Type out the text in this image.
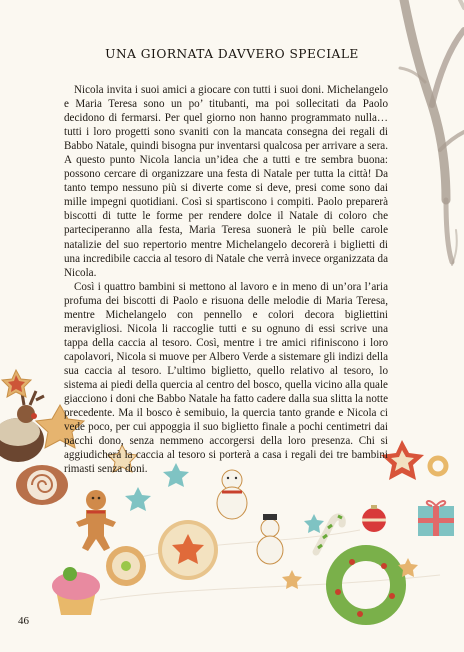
UNA GIORNATA DAVVERO SPECIALE

Nicola invita i suoi amici a giocare con tutti i suoi doni. Michelangelo e Maria Teresa sono un po’ titubanti, ma poi sollecitati da Paolo decidono di fermarsi. Per quel giorno non hanno programmato nulla… tutti i loro progetti sono svaniti con la mancata consegna dei regali di Babbo Natale, quindi bisogna pur inventarsi qualcosa per arrivare a sera. A questo punto Nicola lancia un’idea che a tutti e tre sembra buona: possono cercare di organizzare una festa di Natale per tutta la città! Da tanto tempo nessuno più si diverte come si deve, presi come sono dai mille impegni quotidiani. Così si spartiscono i compiti. Paolo preparerà biscotti di tutte le forme per rendere dolce il Natale di coloro che parteciperanno alla festa, Maria Teresa suonerà le più belle carole natalizie del suo repertorio mentre Michelangelo decorerà i biglietti di una incredibile caccia al tesoro di Natale che verrà invece organizzata da Nicola.

Così i quattro bambini si mettono al lavoro e in meno di un’ora l’aria profuma dei biscotti di Paolo e risuona delle melodie di Maria Teresa, mentre Michelangelo con pennello e colori decora bigliettini meravigliosi. Nicola li raccoglie tutti e su ognuno di essi scrive una tappa della caccia al tesoro. Così, mentre i tre amici rifiniscono i loro capolavori, Nicola si muove per Albero Verde a sistemare gli indizi della sua caccia al tesoro. L’ultimo biglietto, quello relativo al tesoro, lo sistema ai piedi della quercia al centro del bosco, quella vicino alla quale giacciono i doni che Babbo Natale ha fatto cadere dalla sua slitta la notte precedente. Ma il bosco è semibuio, la quercia tanto grande e Nicola ci vede poco, per cui appoggia il suo biglietto finale a pochi centimetri dai pacchi dono, senza nemmeno accorgersi della loro presenza. Chi si aggiudicherà la caccia al tesoro si porterà a casa i regali dei tre bambini rimasti senza doni.

46
